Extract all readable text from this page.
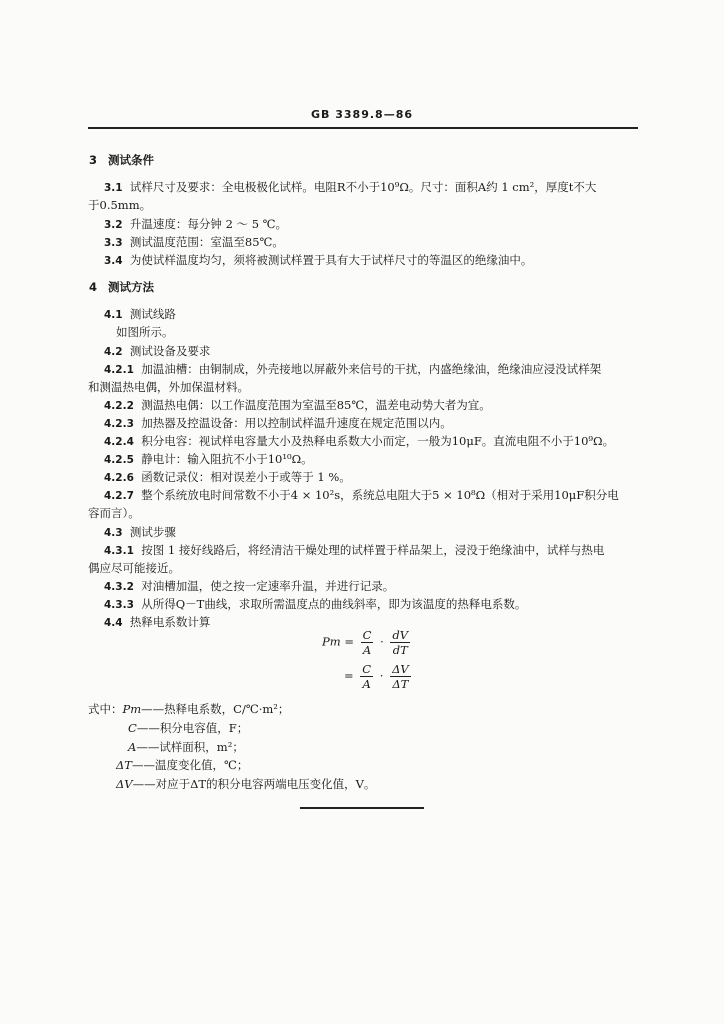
GB 3389.8—86
3 测试条件
3.1 试样尺寸及要求：全电极极化试样。电阻R不小于10⁹Ω。尺寸：面积A约 1 cm²，厚度t不大
于0.5mm。
3.2 升温速度：每分钟 2 ～ 5 ℃。
3.3 测试温度范围：室温至85℃。
3.4 为使试样温度均匀，须将被测试样置于具有大于试样尺寸的等温区的绝缘油中。
4 测试方法
4.1 测试线路
如图所示。
4.2 测试设备及要求
4.2.1 加温油槽：由铜制成，外壳接地以屏蔽外来信号的干扰，内盛绝缘油，绝缘油应浸没试样架
和测温热电偶，外加保温材料。
4.2.2 测温热电偶：以工作温度范围为室温至85℃，温差电动势大者为宜。
4.2.3 加热器及控温设备：用以控制试样温升速度在规定范围以内。
4.2.4 积分电容：视试样电容量大小及热释电系数大小而定，一般为10μF。直流电阻不小于10⁹Ω。
4.2.5 静电计：输入阻抗不小于10¹⁰Ω。
4.2.6 函数记录仪：相对误差小于或等于 1 %。
4.2.7 整个系统放电时间常数不小于4 × 10²s，系统总电阻大于5 × 10⁸Ω（相对于采用10μF积分电
容而言）。
4.3 测试步骤
4.3.1 按图 1 接好线路后，将经清洁干燥处理的试样置于样品架上，浸没于绝缘油中，试样与热电
偶应尽可能接近。
4.3.2 对油槽加温，使之按一定速率升温，并进行记录。
4.3.3 从所得Q－T曲线，求取所需温度点的曲线斜率，即为该温度的热释电系数。
4.4 热释电系数计算
$Pm = \frac{C}{A} \cdot \frac{dV}{dT}$
= $\frac{C}{A} \cdot \frac{\Delta V}{\Delta T}$
式中：Pm——热释电系数，C/℃·m²；
C——积分电容值，F；
A——试样面积，m²；
ΔT——温度变化值，℃；
ΔV——对应于ΔT的积分电容两端电压变化值，V。
